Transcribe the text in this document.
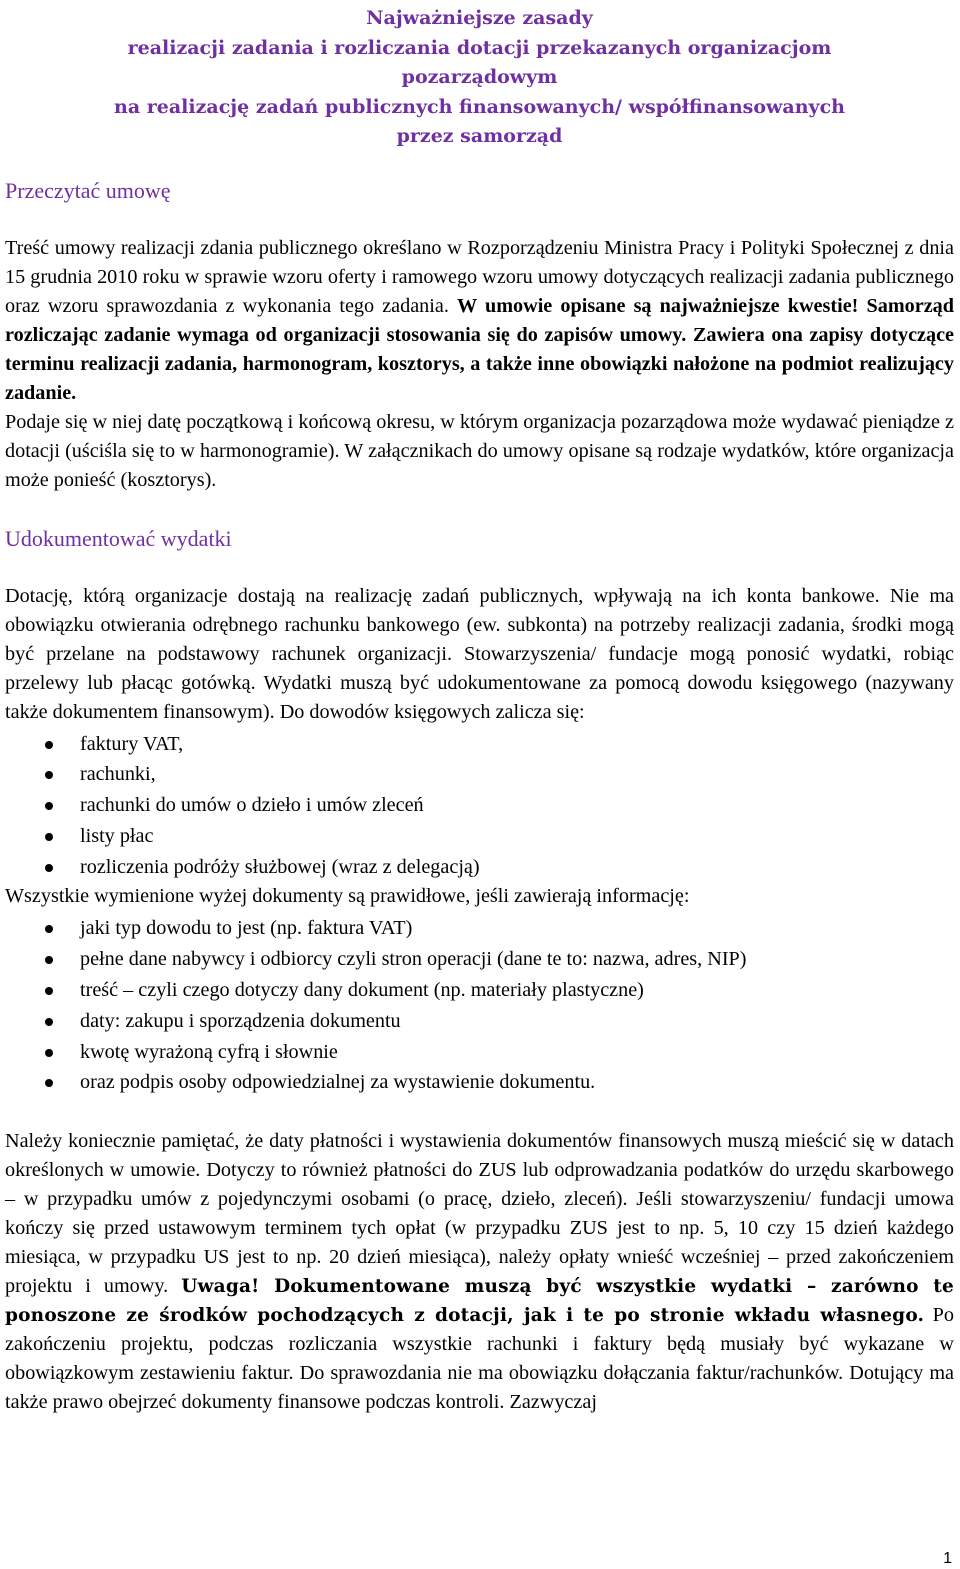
Najważniejsze zasady
realizacji zadania i rozliczania dotacji przekazanych organizacjom
pozarządowym
na realizację zadań publicznych finansowanych/ współfinansowanych
przez samorząd
Przeczytać umowę

Treść umowy realizacji zdania publicznego określano w Rozporządzeniu Ministra Pracy i Polityki Społecznej z dnia 15 grudnia 2010 roku w sprawie wzoru oferty i ramowego wzoru umowy dotyczących realizacji zadania publicznego oraz wzoru sprawozdania z wykonania tego zadania. W umowie opisane są najważniejsze kwestie! Samorząd rozliczając zadanie wymaga od organizacji stosowania się do zapisów umowy. Zawiera ona zapisy dotyczące terminu realizacji zadania, harmonogram, kosztorys, a także inne obowiązki nałożone na podmiot realizujący zadanie.

Podaje się w niej datę początkową i końcową okresu, w którym organizacja pozarządowa może wydawać pieniądze z dotacji (uściśla się to w harmonogramie). W załącznikach do umowy opisane są rodzaje wydatków, które organizacja może ponieść (kosztorys).

Udokumentować wydatki

Dotację, którą organizacje dostają na realizację zadań publicznych, wpływają na ich konta bankowe. Nie ma obowiązku otwierania odrębnego rachunku bankowego (ew. subkonta) na potrzeby realizacji zadania, środki mogą być przelane na podstawowy rachunek organizacji. Stowarzyszenia/ fundacje mogą ponosić wydatki, robiąc przelewy lub płacąc gotówką. Wydatki muszą być udokumentowane za pomocą dowodu księgowego (nazywany także dokumentem finansowym). Do dowodów księgowych zalicza się:

faktury VAT,
rachunki,
rachunki do umów o dzieło i umów zleceń
listy płac
rozliczenia podróży służbowej (wraz z delegacją)

Wszystkie wymienione wyżej dokumenty są prawidłowe, jeśli zawierają informację:

jaki typ dowodu to jest (np. faktura VAT)
pełne dane nabywcy i odbiorcy czyli stron operacji (dane te to: nazwa, adres, NIP)
treść – czyli czego dotyczy dany dokument (np. materiały plastyczne)
daty: zakupu i sporządzenia dokumentu
kwotę wyrażoną cyfrą i słownie
oraz podpis osoby odpowiedzialnej za wystawienie dokumentu.

Należy koniecznie pamiętać, że daty płatności i wystawienia dokumentów finansowych muszą mieścić się w datach określonych w umowie. Dotyczy to również płatności do ZUS lub odprowadzania podatków do urzędu skarbowego – w przypadku umów z pojedynczymi osobami (o pracę, dzieło, zleceń). Jeśli stowarzyszeniu/ fundacji umowa kończy się przed ustawowym terminem tych opłat (w przypadku ZUS jest to np. 5, 10 czy 15 dzień każdego miesiąca, w przypadku US jest to np. 20 dzień miesiąca), należy opłaty wnieść wcześniej – przed zakończeniem projektu i umowy. Uwaga! Dokumentowane muszą być wszystkie wydatki – zarówno te ponoszone ze środków pochodzących z dotacji, jak i te po stronie wkładu własnego. Po zakończeniu projektu, podczas rozliczania wszystkie rachunki i faktury będą musiały być wykazane w obowiązkowym zestawieniu faktur. Do sprawozdania nie ma obowiązku dołączania faktur/rachunków. Dotujący ma także prawo obejrzeć dokumenty finansowe podczas kontroli. Zazwyczaj

1
